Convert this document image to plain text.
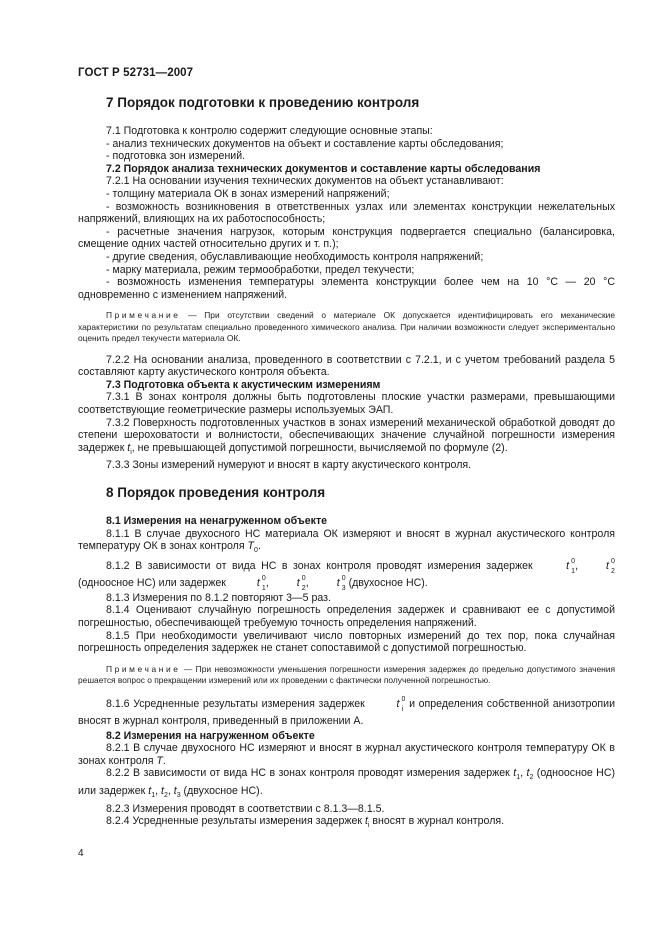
ГОСТ Р 52731—2007
7 Порядок подготовки к проведению контроля

7.1 Подготовка к контролю содержит следующие основные этапы:

- анализ технических документов на объект и составление карты обследования;

- подготовка зон измерений.

7.2 Порядок анализа технических документов и составление карты обследования

7.2.1 На основании изучения технических документов на объект устанавливают:

- толщину материала ОК в зонах измерений напряжений;

- возможность возникновения в ответственных узлах или элементах конструкции нежелательных напряжений, влияющих на их работоспособность;

- расчетные значения нагрузок, которым конструкция подвергается специально (балансировка, смещение одних частей относительно других и т. п.);

- другие сведения, обуславливающие необходимость контроля напряжений;

- марку материала, режим термообработки, предел текучести;

- возможность изменения температуры элемента конструкции более чем на 10 °С — 20 °С одновременно с изменением напряжений.

Примечание — При отсутствии сведений о материале ОК допускается идентифицировать его механические характеристики по результатам специально проведенного химического анализа. При наличии возможности следует экспериментально оценить предел текучести материала ОК.

7.2.2 На основании анализа, проведенного в соответствии с 7.2.1, и с учетом требований раздела 5 составляют карту акустического контроля объекта.

7.3 Подготовка объекта к акустическим измерениям

7.3.1 В зонах контроля должны быть подготовлены плоские участки размерами, превышающими соответствующие геометрические размеры используемых ЭАП.

7.3.2 Поверхность подготовленных участков в зонах измерений механической обработкой доводят до степени шероховатости и волнистости, обеспечивающих значение случайной погрешности измерения задержек $t_i$, не превышающей допустимой погрешности, вычисляемой по формуле (2).

7.3.3 Зоны измерений нумеруют и вносят в карту акустического контроля.

8 Порядок проведения контроля

8.1 Измерения на ненагруженном объекте

8.1.1 В случае двухосного НС материала ОК измеряют и вносят в журнал акустического контроля температуру ОК в зонах контроля $T_0$.

8.1.2 В зависимости от вида НС в зонах контроля проводят измерения задержек	t 0
1 ,	t 0
2
(одноосное НС) или задержек	t 0
1 ,	t 0
2 ,	t 0
3 (двухосное НС).

8.1.3 Измерения по 8.1.2 повторяют 3—5 раз.

8.1.4 Оценивают случайную погрешность определения задержек и сравнивают ее с допустимой погрешностью, обеспечивающей требуемую точность определения напряжений.

8.1.5 При необходимости увеличивают число повторных измерений до тех пор, пока случайная погрешность определения задержек не станет сопоставимой с допустимой погрешностью.

Примечание — При невозможности уменьшения погрешности измерения задержек до предельно допустимого значения решается вопрос о прекращении измерений или их проведении с фактически полученной погрешностью.

8.1.6 Усредненные результаты измерения задержек	t 0
i и определения собственной анизотропии вносят в журнал контроля, приведенный в приложении А.

8.2 Измерения на нагруженном объекте

8.2.1 В случае двухосного НС измеряют и вносят в журнал акустического контроля температуру ОК в зонах контроля T.

8.2.2 В зависимости от вида НС в зонах контроля проводят измерения задержек $t_1$, $t_2$ (одноосное НС) или задержек $t_1$, $t_2$, $t_3$ (двухосное НС).

8.2.3 Измерения проводят в соответствии с 8.1.3—8.1.5.

8.2.4 Усредненные результаты измерения задержек $t_i$ вносят в журнал контроля.

4
